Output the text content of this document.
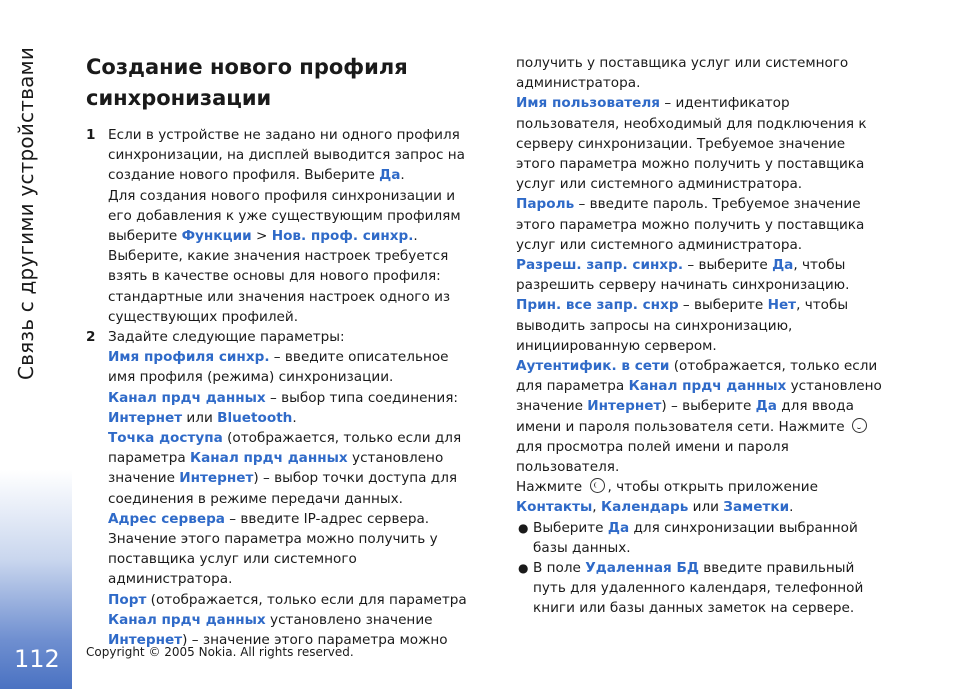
Связь с другими устройствами
112
Создание нового профиля синхронизации
1 Если в устройстве не задано ни одного профиля синхронизации, на дисплей выводится запрос на создание нового профиля. Выберите Да.

Для создания нового профиля синхронизации и его добавления к уже существующим профилям выберите Функции > Нов. проф. синхр.. Выберите, какие значения настроек требуется взять в качестве основы для нового профиля: стандартные или значения настроек одного из существующих профилей.

2 Задайте следующие параметры:

Имя профиля синхр. – введите описательное имя профиля (режима) синхронизации.

Канал прдч данных – выбор типа соединения: Интернет или Bluetooth.

Точка доступа (отображается, только если для параметра Канал прдч данных установлено значение Интернет) – выбор точки доступа для соединения в режиме передачи данных.

Адрес сервера – введите IP-адрес сервера. Значение этого параметра можно получить у поставщика услуг или системного администратора.

Порт (отображается, только если для параметра Канал прдч данных установлено значение Интернет) – значение этого параметра можно

получить у поставщика услуг или системного администратора.

Имя пользователя – идентификатор пользователя, необходимый для подключения к серверу синхронизации. Требуемое значение этого параметра можно получить у поставщика услуг или системного администратора.

Пароль – введите пароль. Требуемое значение этого параметра можно получить у поставщика услуг или системного администратора.

Разреш. запр. синхр. – выберите Да, чтобы разрешить серверу начинать синхронизацию.

Прин. все запр. снхр – выберите Нет, чтобы выводить запросы на синхронизацию, инициированную сервером.

Аутентифик. в сети (отображается, только если для параметра Канал прдч данных установлено значение Интернет) – выберите Да для ввода имени и пароля пользователя сети. Нажмите  для просмотра полей имени и пароля пользователя.

Нажмите , чтобы открыть приложение Контакты, Календарь или Заметки.

● Выберите Да для синхронизации выбранной базы данных.
● В поле Удаленная БД введите правильный путь для удаленного календаря, телефонной книги или базы данных заметок на сервере.
Copyright © 2005 Nokia. All rights reserved.
